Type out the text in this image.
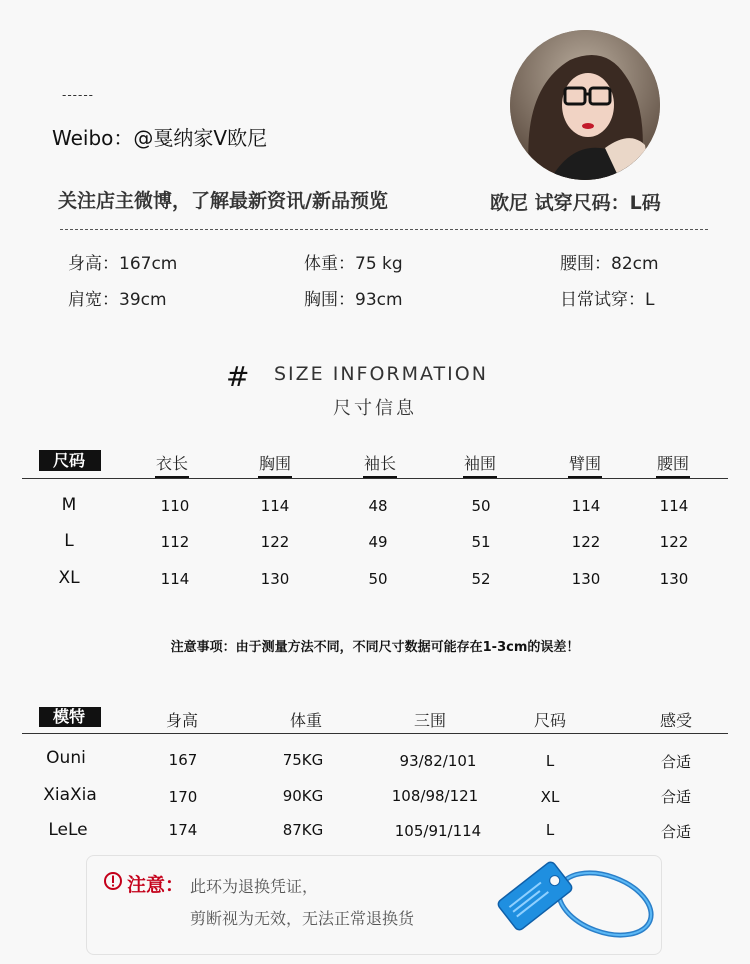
------
Weibo：@戛纳家V欧尼
关注店主微博，了解最新资讯/新品预览	欧尼 试穿尺码：L码
身高：167cm	体重：75 kg	腰围：82cm
肩宽：39cm	胸围：93cm	日常试穿：L
# SIZE INFORMATION
尺寸信息
尺码	衣长	胸围	袖长	袖围	臂围	腰围
M	110	114	48	50	114	114
L	112	122	49	51	122	122
XL	114	130	50	52	130	130
注意事项：由于测量方法不同，不同尺寸数据可能存在1-3cm的误差！
模特	身高	体重	三围	尺码	感受
Ouni	167	75KG	93/82/101	L	合适
XiaXia	170	90KG	108/98/121	XL	合适
LeLe	174	87KG	105/91/114	L	合适
注意： 此环为退换凭证，
剪断视为无效，无法正常退换货
